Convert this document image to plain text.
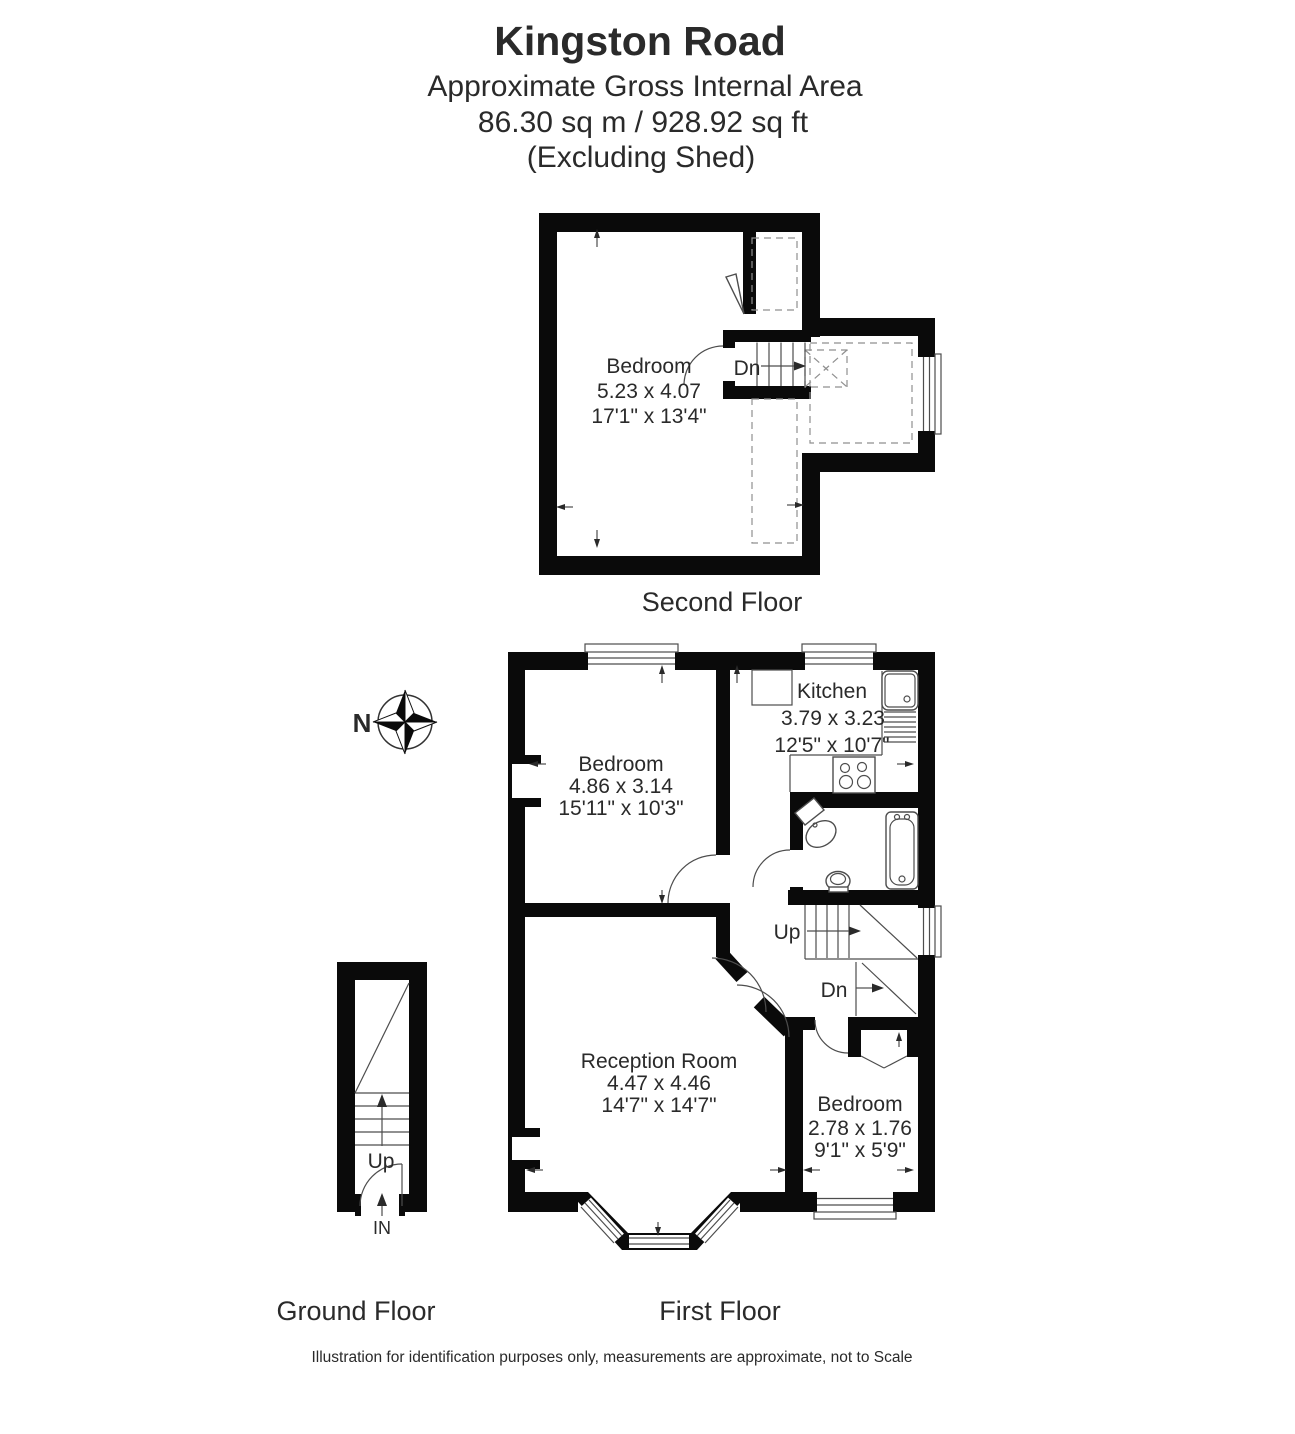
Kingston Road
Approximate Gross Internal Area
86.30 sq m / 928.92 sq ft
(Excluding Shed)
Bedroom
5.23 x 4.07
17'1" x 13'4"
Dn
Second Floor
N
Kitchen
3.79 x 3.23
12'5" x 10'7"
Bedroom
4.86 x 3.14
15'11" x 10'3"
Reception Room
4.47 x 4.46
14'7" x 14'7"	Bedroom
2.78 x 1.76
9'1" x 5'9"
Up
Dn
First Floor
Up
IN
Ground Floor
Illustration for identification purposes only, measurements are approximate, not to Scale
